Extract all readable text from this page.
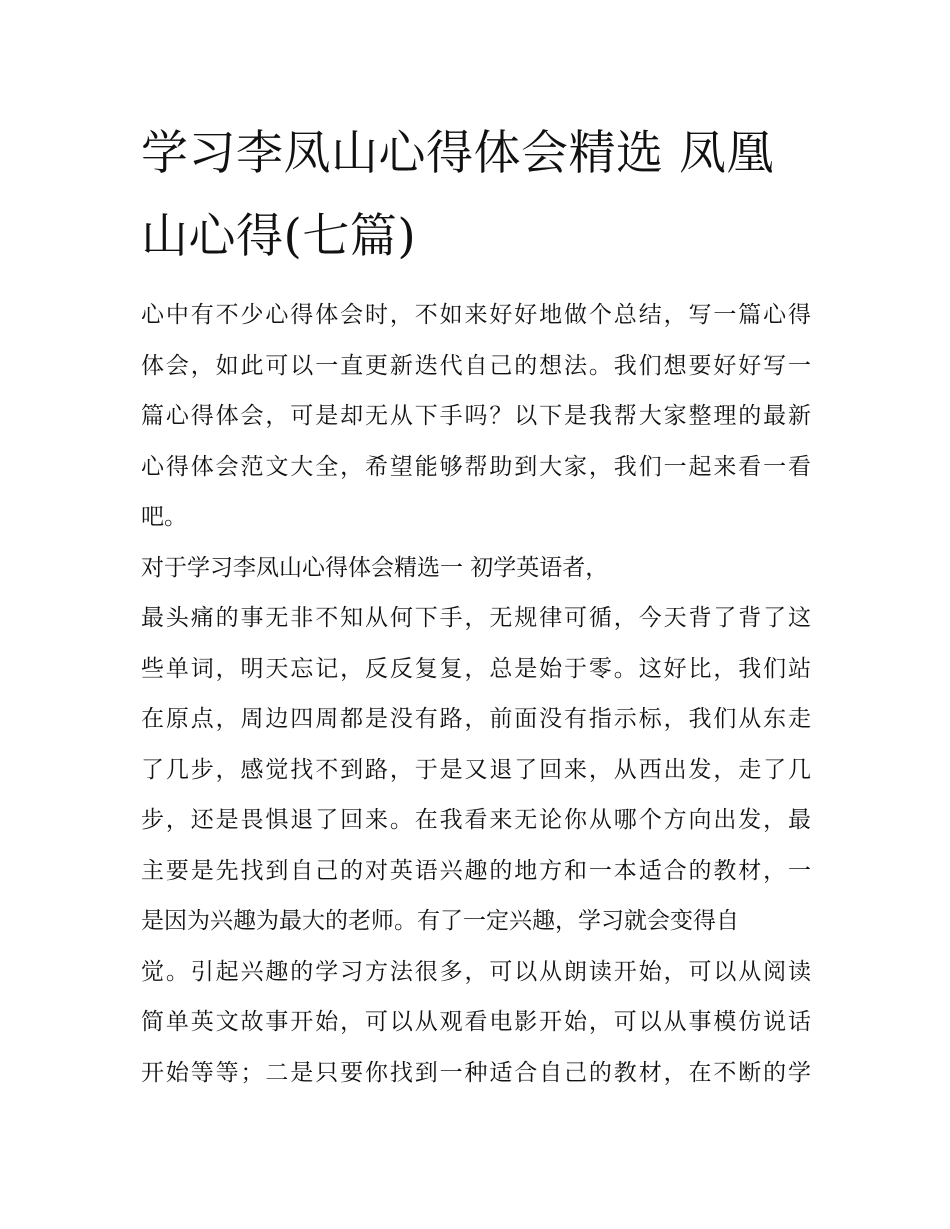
学习李凤山心得体会精选 凤凰
山心得(七篇)
心中有不少心得体会时，不如来好好地做个总结，写一篇心得
体会，如此可以一直更新迭代自己的想法。我们想要好好写一
篇心得体会，可是却无从下手吗？以下是我帮大家整理的最新
心得体会范文大全，希望能够帮助到大家，我们一起来看一看
吧。
对于学习李凤山心得体会精选一 初学英语者，
最头痛的事无非不知从何下手，无规律可循，今天背了背了这
些单词，明天忘记，反反复复，总是始于零。这好比，我们站
在原点，周边四周都是没有路，前面没有指示标，我们从东走
了几步，感觉找不到路，于是又退了回来，从西出发，走了几
步，还是畏惧退了回来。在我看来无论你从哪个方向出发，最
主要是先找到自己的对英语兴趣的地方和一本适合的教材，一
是因为兴趣为最大的老师。有了一定兴趣，学习就会变得自
觉。引起兴趣的学习方法很多，可以从朗读开始，可以从阅读
简单英文故事开始，可以从观看电影开始，可以从事模仿说话
开始等等；二是只要你找到一种适合自己的教材，在不断的学
